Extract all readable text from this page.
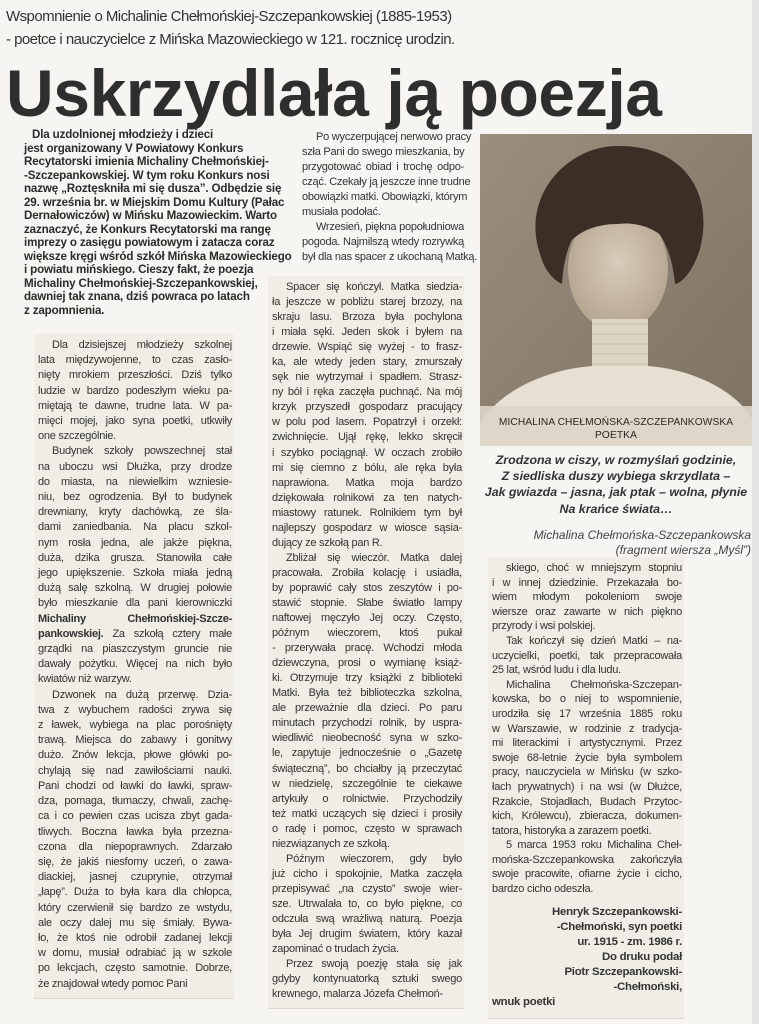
Wspomnienie o Michalinie Chełmońskiej-Szczepankowskiej (1885-1953)
- poetce i nauczycielce z Mińska Mazowieckiego w 121. rocznicę urodzin.
Uskrzydlała ją poezja
Dla uzdolnionej młodzieży i dzieci
jest organizowany V Powiatowy Konkurs
Recytatorski imienia Michaliny Chełmońskiej-
-Szczepankowskiej. W tym roku Konkurs nosi
nazwę „Roztęskniła mi się dusza”. Odbędzie się
29. września br. w Miejskim Domu Kultury (Pałac
Dernałowiczów) w Mińsku Mazowieckim. Warto
zaznaczyć, że Konkurs Recytatorski ma rangę
imprezy o zasięgu powiatowym i zatacza coraz
większe kręgi wśród szkół Mińska Mazowieckiego
i powiatu mińskiego. Cieszy fakt, że poezja
Michaliny Chełmońskiej-Szczepankowskiej,
dawniej tak znana, dziś powraca po latach
z zapomnienia.
Dla dzisiejszej młodzieży szkolnej
lata międzywojenne, to czas zasło-
nięty mrokiem przeszłości. Dziś tylko
ludzie w bardzo podeszłym wieku pa-
miętają te dawne, trudne lata. W pa-
mięci mojej, jako syna poetki, utkwiły
one szczególnie.
Budynek szkoły powszechnej stał
na uboczu wsi Dłużka, przy drodze
do miasta, na niewielkim wzniesie-
niu, bez ogrodzenia. Był to budynek
drewniany, kryty dachówką, ze śla-
dami zaniedbania. Na placu szkol-
nym rosła jedna, ale jakże piękna,
duża, dzika grusza. Stanowiła całe
jego upiększenie. Szkoła miała jedną
dużą salę szkolną. W drugiej połowie
było mieszkanie dla pani kierowniczki
Michaliny Chełmońskiej-Szcze-
pankowskiej. Za szkołą cztery małe
grządki na piaszczystym gruncie nie
dawały pożytku. Więcej na nich było
kwiatów niż warzyw.
Dzwonek na dużą przerwę. Dzia-
twa z wybuchem radości zrywa się
z ławek, wybiega na plac porośnięty
trawą. Miejsca do zabawy i gonitwy
dużo. Znów lekcja, płowe główki po-
chylają się nad zawiłościami nauki.
Pani chodzi od ławki do ławki, spraw-
dza, pomaga, tłumaczy, chwali, zachę-
ca i co pewien czas ucisza zbyt gada-
tliwych. Boczna ławka była przezna-
czona dla niepoprawnych. Zdarzało
się, że jakiś niesforny uczeń, o zawa-
diackiej, jasnej czuprynie, otrzymał
„łapę”. Duża to była kara dla chłopca,
który czerwienił się bardzo ze wstydu,
ale oczy dalej mu się śmiały. Bywa-
ło, że ktoś nie odrobił zadanej lekcji
w domu, musiał odrabiać ją w szkole
po lekcjach, często samotnie. Dobrze,
że znajdował wtedy pomoc Pani
Po wyczerpującej nerwowo pracy
szła Pani do swego mieszkania, by
przygotować obiad i trochę odpo-
cząć. Czekały ją jeszcze inne trudne
obowiązki matki. Obowiązki, którym
musiała podołać.
Wrzesień, piękna popołudniowa
pogoda. Najmilszą wtedy rozrywką
był dla nas spacer z ukochaną Matką.
Spacer się kończył. Matka siedzia-
ła jeszcze w pobliżu starej brzozy, na
skraju lasu. Brzoza była pochylona
i miała sęki. Jeden skok i byłem na
drzewie. Wspiąć się wyżej - to frasz-
ka, ale wtedy jeden stary, zmurszały
sęk nie wytrzymał i spadłem. Strasz-
ny ból i ręka zaczęła puchnąć. Na mój
krzyk przyszedł gospodarz pracujący
w polu pod lasem. Popatrzył i orzekł:
zwichnięcie. Ujął rękę, lekko skręcił
i szybko pociągnął. W oczach zrobiło
mi się ciemno z bólu, ale ręka była
naprawiona. Matka moja bardzo
dziękowała rolnikowi za ten natych-
miastowy ratunek. Rolnikiem tym był
najlepszy gospodarz w wiosce sąsia-
dujący ze szkołą pan R.
Zbliżał się wieczór. Matka dalej
pracowała. Zrobiła kolację i usiadła,
by poprawić cały stos zeszytów i po-
stawić stopnie. Słabe światło lampy
naftowej męczyło Jej oczy. Często,
późnym wieczorem, ktoś pukał
- przerywała pracę. Wchodzi młoda
dziewczyna, prosi o wymianę książ-
ki. Otrzymuje trzy książki z biblioteki
Matki. Była też biblioteczka szkolna,
ale przeważnie dla dzieci. Po paru
minutach przychodzi rolnik, by uspra-
wiedliwić nieobecność syna w szko-
le, zapytuje jednocześnie o „Gazetę
świąteczną”, bo chciałby ją przeczytać
w niedzielę, szczególnie te ciekawe
artykuły o rolnictwie. Przychodziły
też matki uczących się dzieci i prosiły
o radę i pomoc, często w sprawach
niezwiązanych ze szkołą.
Późnym wieczorem, gdy było
już cicho i spokojnie, Matka zaczęła
przepisywać „na czysto” swoje wier-
sze. Utrwalała to, co było piękne, co
odczuła swą wrażliwą naturą. Poezja
była Jej drugim światem, który kazał
zapominać o trudach życia.
Przez swoją poezję stała się jak
gdyby kontynuatorką sztuki swego
krewnego, malarza Józefa Chełmoń-
MICHALINA CHEŁMOŃSKA-SZCZEPANKOWSKA
POETKA
Zrodzona w ciszy, w rozmyślań godzinie,
Z siedliska duszy wybiega skrzydlata –
Jak gwiazda – jasna, jak ptak – wolna, płynie
Na krańce świata…
Michalina Chełmońska-Szczepankowska
(fragment wiersza „Myśl”)
skiego, choć w mniejszym stopniu
i w innej dziedzinie. Przekazała bo-
wiem młodym pokoleniom swoje
wiersze oraz zawarte w nich piękno
przyrody i wsi polskiej.
Tak kończył się dzień Matki – na-
uczycielki, poetki, tak przepracowała
25 lat, wśród ludu i dla ludu.
Michalina Chełmońska-Szczepan-
kowska, bo o niej to wspomnienie,
urodziła się 17 września 1885 roku
w Warszawie, w rodzinie z tradycja-
mi literackimi i artystycznymi. Przez
swoje 68-letnie życie była symbolem
pracy, nauczyciela w Mińsku (w szko-
łach prywatnych) i na wsi (w Dłużce,
Rzakcie, Stojadłach, Budach Przytoc-
kich, Królewcu), zbieracza, dokumen-
tatora, historyka a zarazem poetki.
5 marca 1953 roku Michalina Cheł-
mońska-Szczepankowska zakończyła
swoje pracowite, ofiarne życie i cicho,
bardzo cicho odeszła.
Henryk Szczepankowski-
-Chełmoński, syn poetki
ur. 1915 - zm. 1986 r.
Do druku podał
Piotr Szczepankowski-
-Chełmoński,
wnuk poetki
